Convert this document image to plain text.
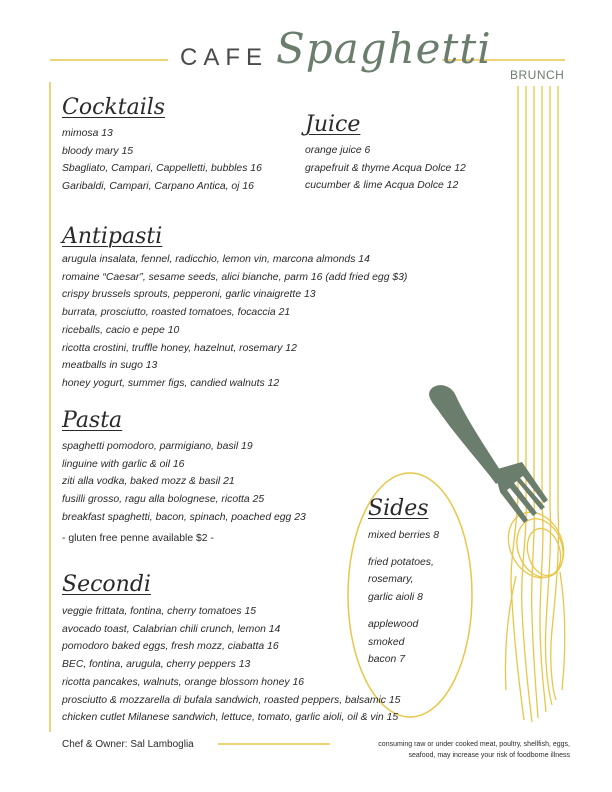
CAFE Spaghetti
BRUNCH
Cocktails
mimosa 13
bloody mary 15
Sbagliato, Campari, Cappelletti, bubbles 16
Garibaldi, Campari, Carpano Antica, oj 16
Juice
orange juice 6
grapefruit & thyme Acqua Dolce 12
cucumber & lime Acqua Dolce 12
Antipasti
arugula insalata, fennel, radicchio, lemon vin, marcona almonds 14
romaine “Caesar”, sesame seeds, alici bianche, parm 16 (add fried egg $3)
crispy brussels sprouts, pepperoni, garlic vinaigrette 13
burrata, prosciutto, roasted tomatoes, focaccia 21
riceballs, cacio e pepe 10
ricotta crostini, truffle honey, hazelnut, rosemary 12
meatballs in sugo 13
honey yogurt, summer figs, candied walnuts 12
Pasta
spaghetti pomodoro, parmigiano, basil 19
linguine with garlic & oil 16
ziti alla vodka, baked mozz & basil 21
fusilli grosso, ragu alla bolognese, ricotta 25
breakfast spaghetti, bacon, spinach, poached egg 23
- gluten free penne available $2 -
Sides
mixed berries 8
fried potatoes,
rosemary,
garlic aioli 8
applewood
smoked
bacon 7
Secondi
veggie frittata, fontina, cherry tomatoes 15
avocado toast, Calabrian chili crunch, lemon 14
pomodoro baked eggs, fresh mozz, ciabatta 16
BEC, fontina, arugula, cherry peppers 13
ricotta pancakes, walnuts, orange blossom honey 16
prosciutto & mozzarella di bufala sandwich, roasted peppers, balsamic 15
chicken cutlet Milanese sandwich, lettuce, tomato, garlic aioli, oil & vin 15
Chef & Owner: Sal Lamboglia	consuming raw or under cooked meat, poultry, shellfish, eggs,
seafood, may increase your risk of foodborne illness
